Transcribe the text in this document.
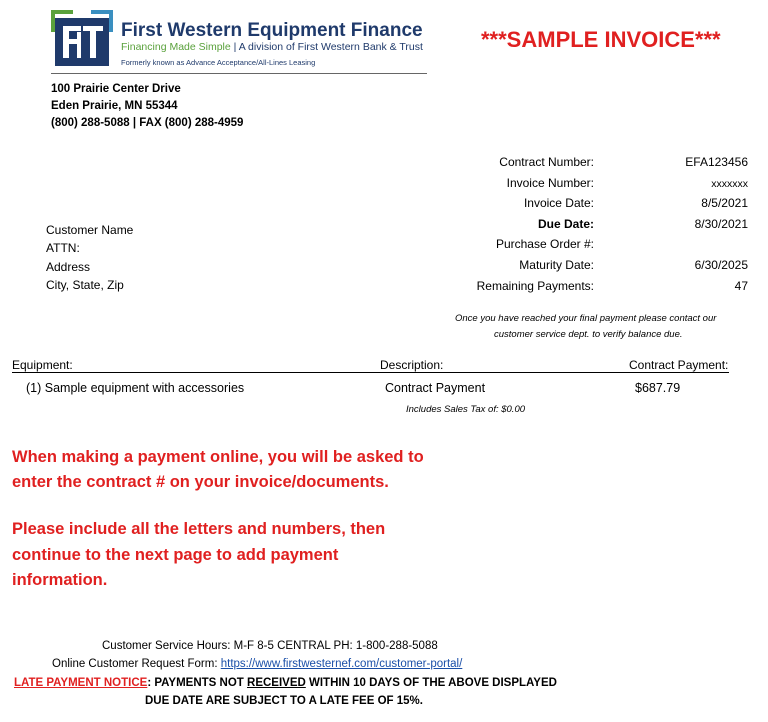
First Western Equipment Finance
Financing Made Simple | A division of First Western Bank & Trust
Formerly known as Advance Acceptance/All-Lines Leasing
***SAMPLE INVOICE***
100 Prairie Center Drive
Eden Prairie, MN 55344
(800) 288-5088 | FAX (800) 288-4959
Contract Number:	EFA123456
Invoice Number:	xxxxxxx
Invoice Date:	8/5/2021
Due Date:	8/30/2021
Purchase Order #:
Maturity Date:	6/30/2025
Remaining Payments:	47
Customer Name
ATTN:
Address
City, State, Zip
Once you have reached your final payment please contact our
customer service dept. to verify balance due.
Equipment:	Description:	Contract Payment:
(1) Sample equipment with accessories	Contract Payment	$687.79
Includes Sales Tax of: $0.00
When making a payment online, you will be asked to
enter the contract # on your invoice/documents.
Please include all the letters and numbers, then
continue to the next page to add payment
information.
Customer Service Hours: M-F 8-5 CENTRAL PH: 1-800-288-5088
Online Customer Request Form: https://www.firstwesternef.com/customer-portal/
LATE PAYMENT NOTICE: PAYMENTS NOT RECEIVED WITHIN 10 DAYS OF THE ABOVE DISPLAYED
DUE DATE ARE SUBJECT TO A LATE FEE OF 15%.
